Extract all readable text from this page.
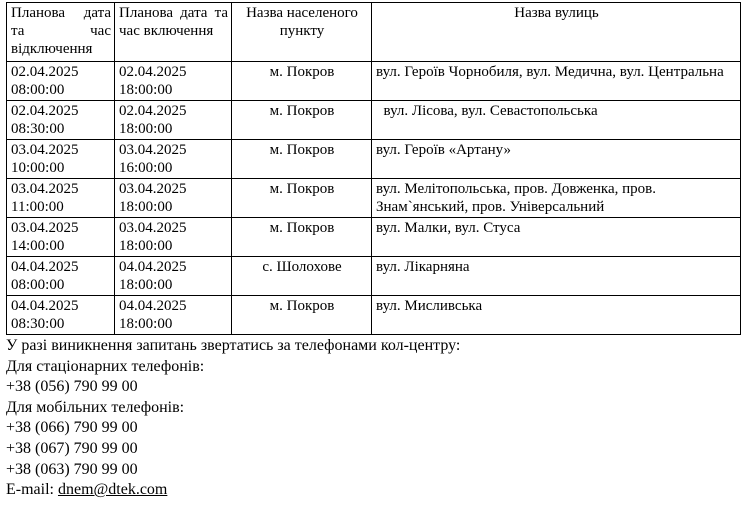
Планова дата та час відключення	Планова дата та час включення	Назва населеного пункту	Назва вулиць

02.04.2025
08:00:00	02.04.2025
18:00:00	м. Покров	вул. Героїв Чорнобиля, вул. Медична, вул. Центральна

02.04.2025
08:30:00	02.04.2025
18:00:00	м. Покров	вул. Лісова, вул. Севастопольська

03.04.2025
10:00:00	03.04.2025
16:00:00	м. Покров	вул. Героїв «Артану»

03.04.2025
11:00:00	03.04.2025
18:00:00	м. Покров	вул. Мелітопольська, пров. Довженка, пров. Знам`янський, пров. Універсальний

03.04.2025
14:00:00	03.04.2025
18:00:00	м. Покров	вул. Малки, вул. Стуса

04.04.2025
08:00:00	04.04.2025
18:00:00	с. Шолохове	вул. Лікарняна

04.04.2025
08:30:00	04.04.2025
18:00:00	м. Покров	вул. Мисливська
У разі виникнення запитань звертатись за телефонами кол-центру:
Для стаціонарних телефонів:
+38 (056) 790 99 00
Для мобільних телефонів:
+38 (066) 790 99 00
+38 (067) 790 99 00
+38 (063) 790 99 00
E-mail: dnem@dtek.com
